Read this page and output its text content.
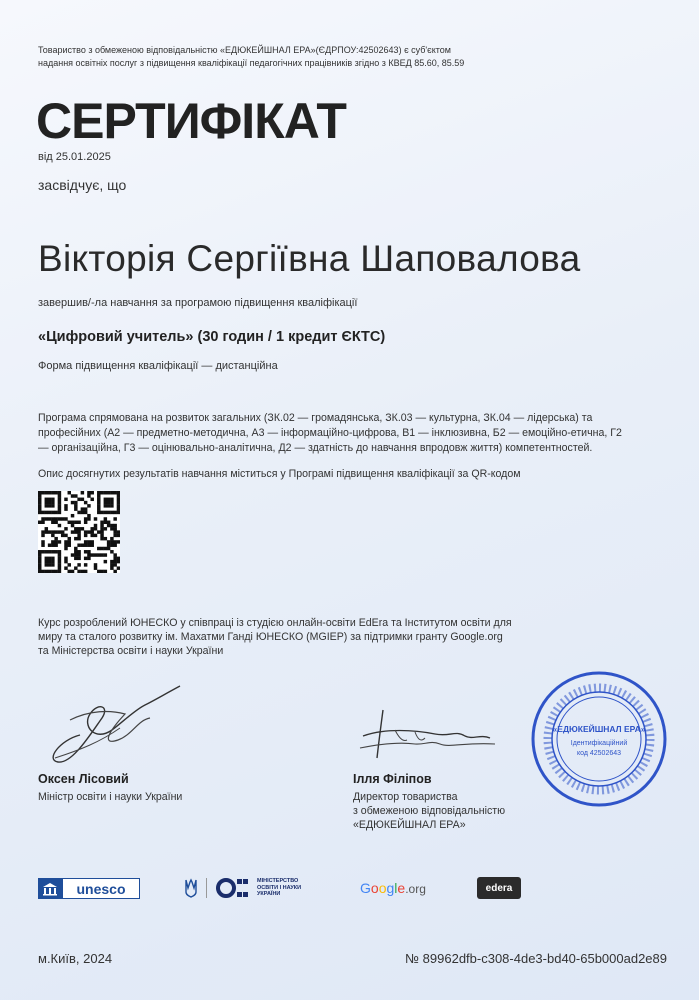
Товариство з обмеженою відповідальністю «ЕДЮКЕЙШНАЛ ЕРА»(ЄДРПОУ:42502643) є суб'єктом
надання освітніх послуг з підвищення кваліфікації педагогічних працівників згідно з КВЕД 85.60, 85.59
СЕРТИФІКАТ
від 25.01.2025
засвідчує, що
Вікторія Сергіївна Шаповалова
завершив/-ла навчання за програмою підвищення кваліфікації
«Цифровий учитель» (30 годин / 1 кредит ЄКТС)
Форма підвищення кваліфікації — дистанційна
Програма спрямована на розвиток загальних (ЗК.02 — громадянська, ЗК.03 — культурна, ЗК.04 — лідерська) та
професійних (А2 — предметно-методична, А3 — інформаційно-цифрова, В1 — інклюзивна, Б2 — емоційно-етична, Г2
— організаційна, Г3 — оцінювально-аналітична, Д2 — здатність до навчання впродовж життя) компетентностей.
Опис досягнутих результатів навчання міститься у Програмі підвищення кваліфікації за QR-кодом
Курс розроблений ЮНЕСКО у співпраці із студією онлайн-освіти EdEra та Інститутом освіти для
миру та сталого розвитку ім. Махатми Ганді ЮНЕСКО (MGIEP) за підтримки гранту Google.org
та Міністерства освіти і науки України
Оксен Лісовий
Міністр освіти і науки України
Ілля Філіпов
Директор товариства
з обмеженою відповідальністю
«ЕДЮКЕЙШНАЛ ЕРА»
«ЕДЮКЕЙШНАЛ ЕРА»
Ідентифікаційний
код 42502643
unesco	МІНІСТЕРСТВО
ОСВІТИ І НАУКИ
УКРАЇНИ	Google.org	edera
м.Київ, 2024	№ 89962dfb-c308-4de3-bd40-65b000ad2e89
